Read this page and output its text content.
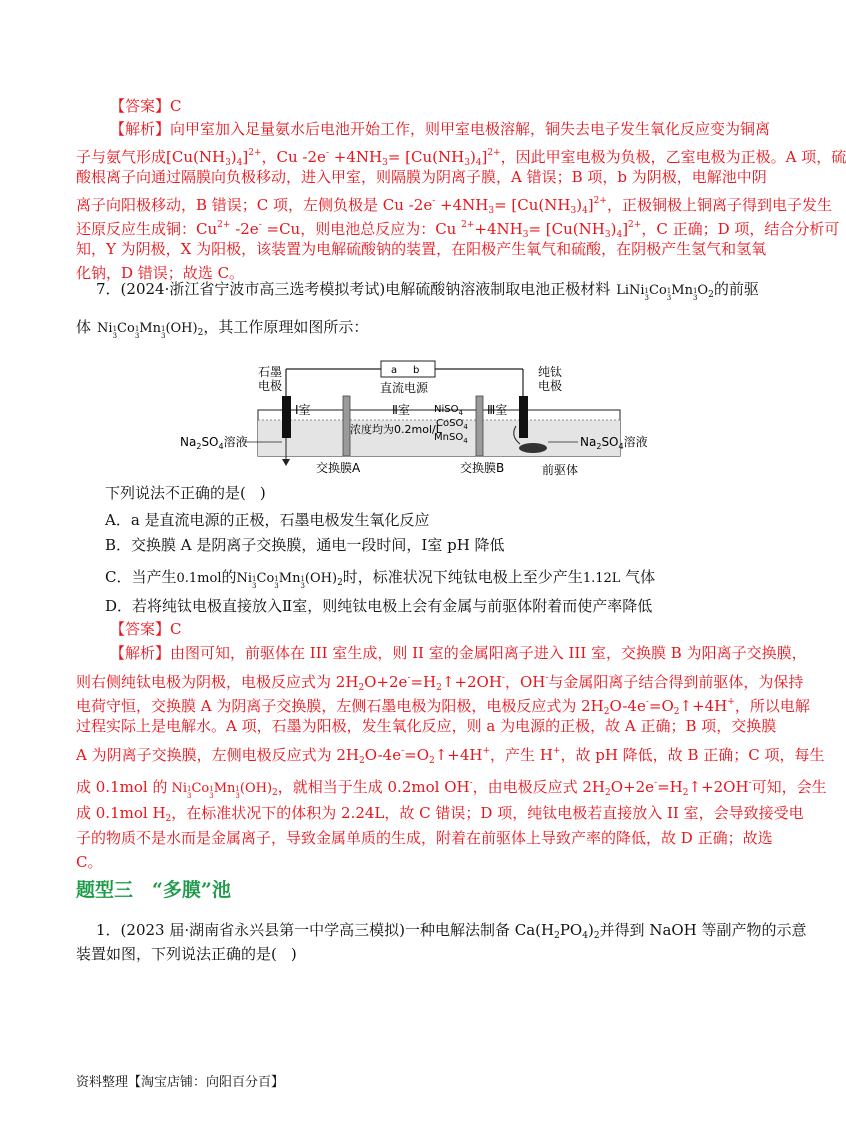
【答案】C
【解析】向甲室加入足量氨水后电池开始工作，则甲室电极溶解，铜失去电子发生氧化反应变为铜离
子与氨气形成$[Cu(NH_3)_4]^{2+}$，Cu $-2e^- +4NH_3= [Cu(NH_3)_4]^{2+}$，因此甲室电极为负极，乙室电极为正极。A 项，硫
酸根离子向通过隔膜向负极移动，进入甲室，则隔膜为阴离子膜，A 错误；B 项，b 为阴极，电解池中阴
离子向阳极移动，B 错误；C 项，左侧负极是 Cu $-2e^- +4NH_3= [Cu(NH_3)_4]^{2+}$，正极铜极上铜离子得到电子发生
还原反应生成铜：$Cu^{2+}$ -2e- =Cu，则电池总反应为：Cu $^{2+}+4NH_3= [Cu(NH_3)_4]^{2+}$，C 正确；D 项，结合分析可
知，Y 为阴极，X 为阳极，该装置为电解硫酸钠的装置，在阳极产生氧气和硫酸，在阴极产生氢气和氢氧
化钠，D 错误；故选 C。
7．(2024·浙江省宁波市高三选考模拟考试)电解硫酸钠溶液制取电池正极材料 LiNi1
3Co1
3Mn1
$3O_2$的前驱
体 Ni1
3Co1
3Mn1
$3(OH)_2$，其工作原理如图所示：
a b
直流电源
石墨
电极
纯钛
电极
Ⅰ室	Ⅱ室	Ⅲ室
浓度均为0.2mol/L
NiSO$_4$
CoSO$_4$
MnSO$_4$
$Na_2SO_4$溶液	$Na_2SO_4$溶液
交换膜A	交换膜B	前驱体
下列说法不正确的是( )
A．a 是直流电源的正极，石墨电极发生氧化反应
B．交换膜 A 是阴离子交换膜，通电一段时间，Ⅰ室 pH 降低
C．当产生0.1mol的Ni1
3Co1
3Mn1
$3(OH)_2$时，标准状况下纯钛电极上至少产生1.12L 气体
D．若将纯钛电极直接放入Ⅱ室，则纯钛电极上会有金属与前驱体附着而使产率降低
【答案】C
【解析】由图可知，前驱体在 III 室生成，则 II 室的金属阳离子进入 III 室，交换膜 B 为阳离子交换膜，
则右侧纯钛电极为阴极，电极反应式为 $2H_2O+2e^-=H_2↑+2OH^-$，OH-与金属阳离子结合得到前驱体，为保持
电荷守恒，交换膜 A 为阴离子交换膜，左侧石墨电极为阳极，电极反应式为 $2H_2O-4e^-=O_2↑+4H^+$，所以电解
过程实际上是电解水。A 项，石墨为阳极，发生氧化反应，则 a 为电源的正极，故 A 正确；B 项，交换膜
A 为阴离子交换膜，左侧电极反应式为 $2H_2O-4e^-=O_2↑+4H^+$，产生 H+，故 pH 降低，故 B 正确；C 项，每生
成 0.1mol 的 Ni1
3Co1
3Mn1
$3(OH)_2$，就相当于生成 0.2mol OH-，由电极反应式 $2H_2O+2e^-=H_2↑+2OH^-$可知，会生
成 0.1mol $H_2$，在标准状况下的体积为 2.24L，故 C 错误；D 项，纯钛电极若直接放入 II 室，会导致接受电
子的物质不是水而是金属离子，导致金属单质的生成，附着在前驱体上导致产率的降低，故 D 正确；故选
C。
题型三　“多膜”池
1．(2023 届·湖南省永兴县第一中学高三模拟)一种电解法制备 $Ca(H_2PO_4)_2$并得到 NaOH 等副产物的示意
装置如图，下列说法正确的是( )
资料整理【淘宝店铺：向阳百分百】
